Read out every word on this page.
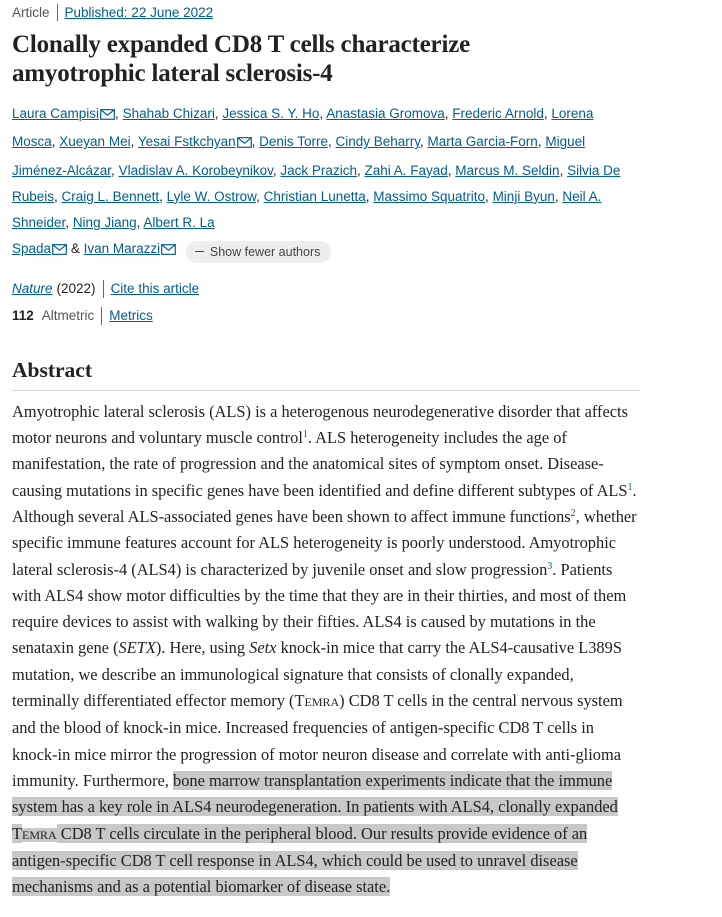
Article Published: 22 June 2022
Clonally expanded CD8 T cells characterize
amyotrophic lateral sclerosis-4
Laura Campisi , Shahab Chizari, Jessica S. Y. Ho, Anastasia Gromova, Frederic Arnold, Lorena Mosca, Xueyan Mei, Yesai Fstkchyan , Denis Torre, Cindy Beharry, Marta Garcia-Forn, Miguel Jiménez-Alcázar, Vladislav A. Korobeynikov, Jack Prazich, Zahi A. Fayad, Marcus M. Seldin, Silvia De Rubeis, Craig L. Bennett, Lyle W. Ostrow, Christian Lunetta, Massimo Squatrito, Minji Byun, Neil A. Shneider, Ning Jiang, Albert R. La
Spada & Ivan Marazzi	Show fewer authors
Nature (2022) Cite this article
112 Altmetric Metrics
Abstract

Amyotrophic lateral sclerosis (ALS) is a heterogenous neurodegenerative disorder that affects motor neurons and voluntary muscle control$^1$. ALS heterogeneity includes the age of manifestation, the rate of progression and the anatomical sites of symptom onset. Disease-causing mutations in specific genes have been identified and define different subtypes of ALS$^1$. Although several ALS-associated genes have been shown to affect immune functions$^2$, whether specific immune features account for ALS heterogeneity is poorly understood. Amyotrophic lateral sclerosis-4 (ALS4) is characterized by juvenile onset and slow progression$^3$. Patients with ALS4 show motor difficulties by the time that they are in their thirties, and most of them require devices to assist with walking by their fifties. ALS4 is caused by mutations in the senataxin gene (SETX). Here, using Setx knock-in mice that carry the ALS4-causative L389S mutation, we describe an immunological signature that consists of clonally expanded, terminally differentiated effector memory (TEMRA) CD8 T cells in the central nervous system and the blood of knock-in mice. Increased frequencies of antigen-specific CD8 T cells in knock-in mice mirror the progression of motor neuron disease and correlate with anti-glioma immunity. Furthermore, bone marrow transplantation experiments indicate that the immune system has a key role in ALS4 neurodegeneration. In patients with ALS4, clonally expanded TEMRA CD8 T cells circulate in the peripheral blood. Our results provide evidence of an antigen-specific CD8 T cell response in ALS4, which could be used to unravel disease mechanisms and as a potential biomarker of disease state.
